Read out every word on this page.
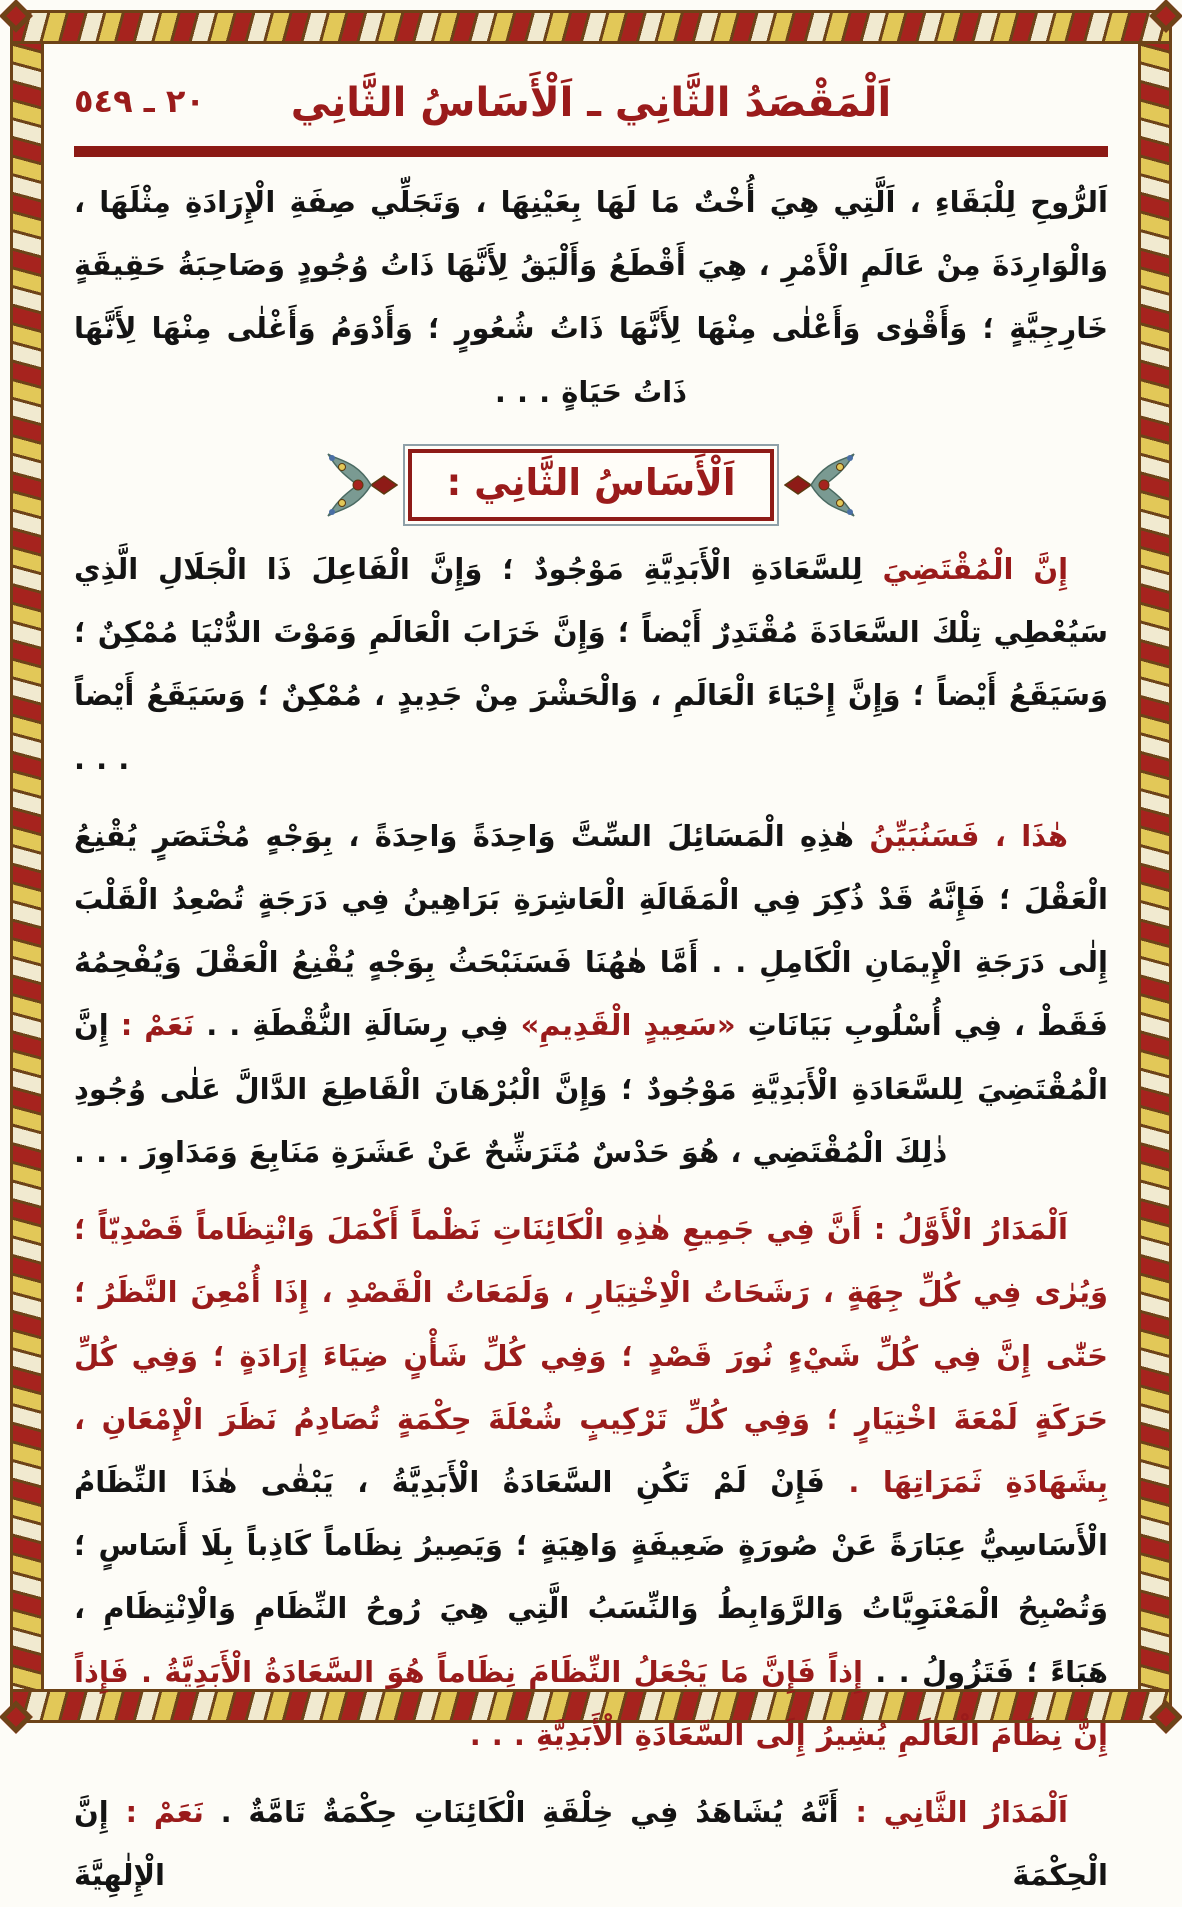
٢٠ ـ ٥٤٩	اَلْمَقْصَدُ الثَّانِي ـ اَلْأَسَاسُ الثَّانِي

اَلرُّوحِ لِلْبَقَاءِ ، اَلَّتِي هِيَ أُخْتٌ مَا لَهَا بِعَيْنِهَا ، وَتَجَلِّي صِفَةِ الْإِرَادَةِ مِثْلَهَا ، وَالْوَارِدَةَ مِنْ عَالَمِ الْأَمْرِ ، هِيَ أَقْطَعُ وَأَلْيَقُ لِأَنَّهَا ذَاتُ وُجُودٍ وَصَاحِبَةُ حَقِيقَةٍ خَارِجِيَّةٍ ؛ وَأَقْوٰى وَأَعْلٰى مِنْهَا لِأَنَّهَا ذَاتُ شُعُورٍ ؛ وَأَدْوَمُ وَأَغْلٰى مِنْهَا لِأَنَّهَا ذَاتُ حَيَاةٍ . . .

اَلْأَسَاسُ الثَّانِي :

إِنَّ الْمُقْتَضِيَ لِلسَّعَادَةِ الْأَبَدِيَّةِ مَوْجُودٌ ؛ وَإِنَّ الْفَاعِلَ ذَا الْجَلَالِ الَّذِي سَيُعْطِي تِلْكَ السَّعَادَةَ مُقْتَدِرٌ أَيْضاً ؛ وَإِنَّ خَرَابَ الْعَالَمِ وَمَوْتَ الدُّنْيَا مُمْكِنٌ ؛ وَسَيَقَعُ أَيْضاً ؛ وَإِنَّ إِحْيَاءَ الْعَالَمِ ، وَالْحَشْرَ مِنْ جَدِيدٍ ، مُمْكِنٌ ؛ وَسَيَقَعُ أَيْضاً . . .

هٰذَا ، فَسَنُبَيِّنُ هٰذِهِ الْمَسَائِلَ السِّتَّ وَاحِدَةً وَاحِدَةً ، بِوَجْهٍ مُخْتَصَرٍ يُقْنِعُ الْعَقْلَ ؛ فَإِنَّهُ قَدْ ذُكِرَ فِي الْمَقَالَةِ الْعَاشِرَةِ بَرَاهِينُ فِي دَرَجَةٍ تُصْعِدُ الْقَلْبَ إِلٰى دَرَجَةِ الْإِيمَانِ الْكَامِلِ . . أَمَّا هٰهُنَا فَسَنَبْحَثُ بِوَجْهٍ يُقْنِعُ الْعَقْلَ وَيُفْحِمُهُ فَقَطْ ، فِي أُسْلُوبِ بَيَانَاتِ «سَعِيدٍ الْقَدِيمِ» فِي رِسَالَةِ النُّقْطَةِ . . نَعَمْ : إِنَّ الْمُقْتَضِيَ لِلسَّعَادَةِ الْأَبَدِيَّةِ مَوْجُودٌ ؛ وَإِنَّ الْبُرْهَانَ الْقَاطِعَ الدَّالَّ عَلٰى وُجُودِ ذٰلِكَ الْمُقْتَضِي ، هُوَ حَدْسٌ مُتَرَشِّحٌ عَنْ عَشَرَةِ مَنَابِعَ وَمَدَاوِرَ . . .

اَلْمَدَارُ الْأَوَّلُ : أَنَّ فِي جَمِيعِ هٰذِهِ الْكَائِنَاتِ نَظْماً أَكْمَلَ وَانْتِظَاماً قَصْدِيّاً ؛ وَيُرٰى فِي كُلِّ جِهَةٍ ، رَشَحَاتُ الْاِخْتِيَارِ ، وَلَمَعَاتُ الْقَصْدِ ، إِذَا أُمْعِنَ النَّظَرُ ؛ حَتّٰى إِنَّ فِي كُلِّ شَيْءٍ نُورَ قَصْدٍ ؛ وَفِي كُلِّ شَأْنٍ ضِيَاءَ إِرَادَةٍ ؛ وَفِي كُلِّ حَرَكَةٍ لَمْعَةَ اخْتِيَارٍ ؛ وَفِي كُلِّ تَرْكِيبٍ شُعْلَةَ حِكْمَةٍ تُصَادِمُ نَظَرَ الْإِمْعَانِ ، بِشَهَادَةِ ثَمَرَاتِهَا . فَإِنْ لَمْ تَكُنِ السَّعَادَةُ الْأَبَدِيَّةُ ، يَبْقٰى هٰذَا النِّظَامُ الْأَسَاسِيُّ عِبَارَةً عَنْ صُورَةٍ ضَعِيفَةٍ وَاهِيَةٍ ؛ وَيَصِيرُ نِظَاماً كَاذِباً بِلَا أَسَاسٍ ؛ وَتُصْبِحُ الْمَعْنَوِيَّاتُ وَالرَّوَابِطُ وَالنِّسَبُ الَّتِي هِيَ رُوحُ النِّظَامِ وَالْاِنْتِظَامِ ، هَبَاءً ؛ فَتَزُولُ . . إِذاً فَإِنَّ مَا يَجْعَلُ النِّظَامَ نِظَاماً هُوَ السَّعَادَةُ الْأَبَدِيَّةُ . فَإِذاً إِنَّ نِظَامَ الْعَالَمِ يُشِيرُ إِلَى السَّعَادَةِ الْأَبَدِيَّةِ . . .

اَلْمَدَارُ الثَّانِي : أَنَّهُ يُشَاهَدُ فِي خِلْقَةِ الْكَائِنَاتِ حِكْمَةٌ تَامَّةٌ . نَعَمْ : إِنَّ الْحِكْمَةَ الْإِلٰهِيَّةَ
